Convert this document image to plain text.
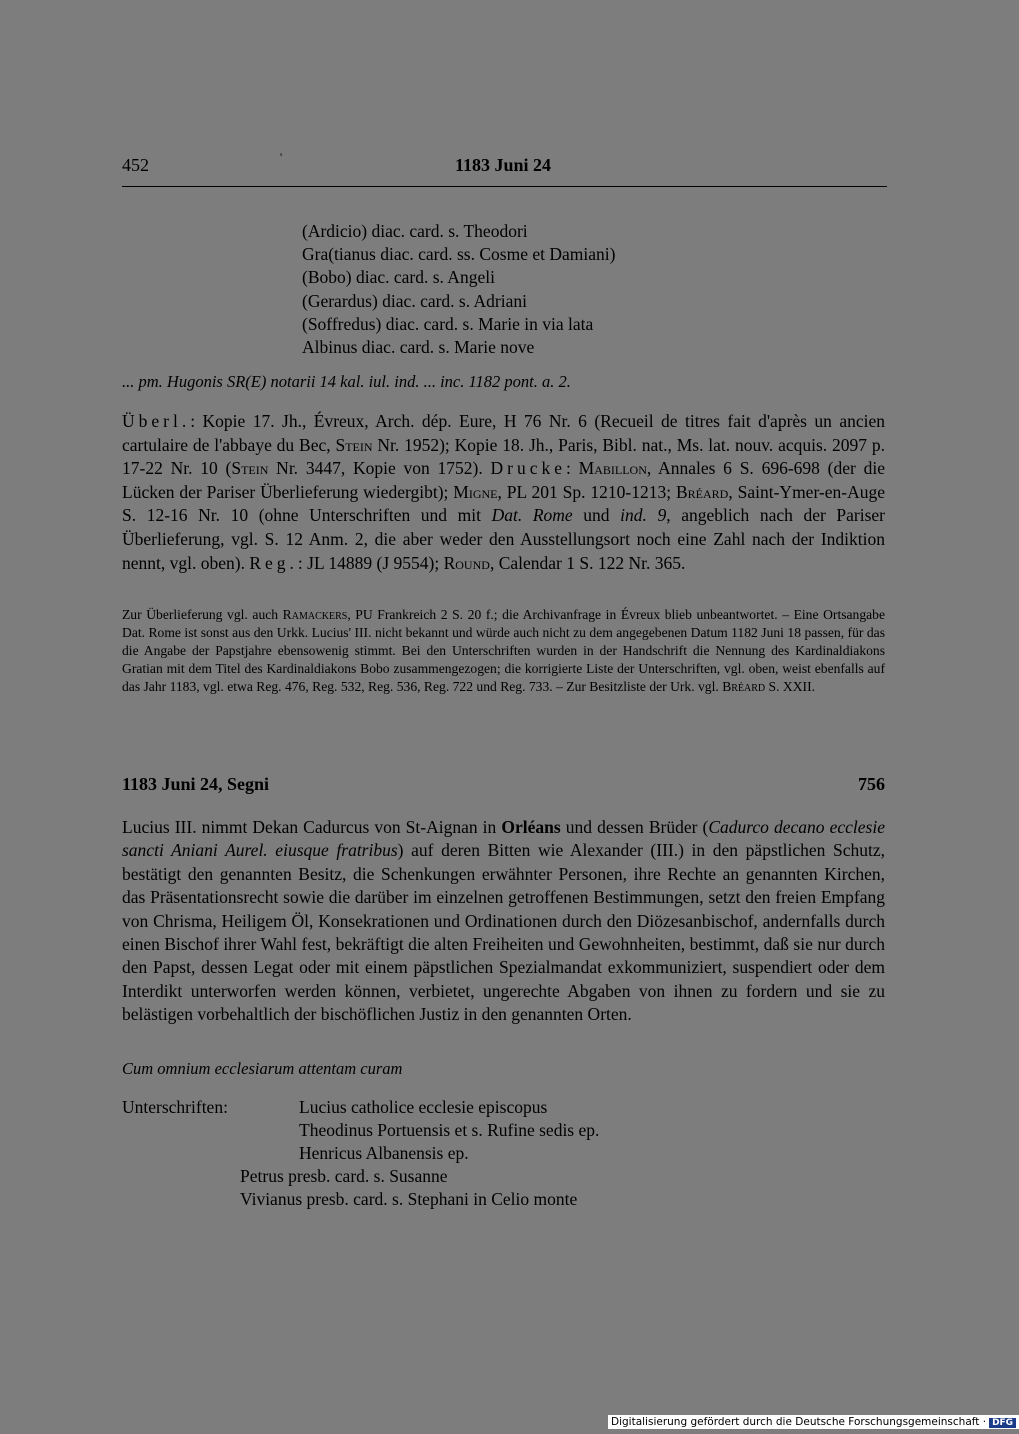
452	'	1183 Juni 24
(Ardicio) diac. card. s. Theodori
Gra(tianus diac. card. ss. Cosme et Damiani)
(Bobo) diac. card. s. Angeli
(Gerardus) diac. card. s. Adriani
(Soffredus) diac. card. s. Marie in via lata
Albinus diac. card. s. Marie nove
... pm. Hugonis SR(E) notarii 14 kal. iul. ind. ... inc. 1182 pont. a. 2.
Überl.: Kopie 17. Jh., Évreux, Arch. dép. Eure, H 76 Nr. 6 (Recueil de titres fait d'après un ancien cartulaire de l'abbaye du Bec, Stein Nr. 1952); Kopie 18. Jh., Paris, Bibl. nat., Ms. lat. nouv. acquis. 2097 p. 17-22 Nr. 10 (Stein Nr. 3447, Kopie von 1752). Drucke: Mabillon, Annales 6 S. 696-698 (der die Lücken der Pariser Überlieferung wiedergibt); Migne, PL 201 Sp. 1210-1213; Bréard, Saint-Ymer-en-Auge S. 12-16 Nr. 10 (ohne Unterschriften und mit Dat. Rome und ind. 9, angeblich nach der Pariser Überlieferung, vgl. S. 12 Anm. 2, die aber weder den Ausstellungsort noch eine Zahl nach der Indiktion nennt, vgl. oben). Reg.: JL 14889 (J 9554); Round, Calendar 1 S. 122 Nr. 365.
Zur Überlieferung vgl. auch Ramackers, PU Frankreich 2 S. 20 f.; die Archivanfrage in Évreux blieb unbeantwortet. – Eine Ortsangabe Dat. Rome ist sonst aus den Urkk. Lucius' III. nicht bekannt und würde auch nicht zu dem angegebenen Datum 1182 Juni 18 passen, für das die Angabe der Papstjahre ebensowenig stimmt. Bei den Unterschriften wurden in der Handschrift die Nennung des Kardinaldiakons Gratian mit dem Titel des Kardinaldiakons Bobo zusammengezogen; die korrigierte Liste der Unterschriften, vgl. oben, weist ebenfalls auf das Jahr 1183, vgl. etwa Reg. 476, Reg. 532, Reg. 536, Reg. 722 und Reg. 733. – Zur Besitzliste der Urk. vgl. Bréard S. XXII.
1183 Juni 24, Segni	756
Lucius III. nimmt Dekan Cadurcus von St-Aignan in Orléans und dessen Brüder (Cadurco decano ecclesie sancti Aniani Aurel. eiusque fratribus) auf deren Bitten wie Alexander (III.) in den päpstlichen Schutz, bestätigt den genannten Besitz, die Schenkungen erwähnter Personen, ihre Rechte an genannten Kirchen, das Präsentationsrecht sowie die darüber im einzelnen getroffenen Bestimmungen, setzt den freien Empfang von Chrisma, Heiligem Öl, Konsekrationen und Ordinationen durch den Diözesanbischof, andernfalls durch einen Bischof ihrer Wahl fest, bekräftigt die alten Freiheiten und Gewohnheiten, bestimmt, daß sie nur durch den Papst, dessen Legat oder mit einem päpstlichen Spezialmandat exkommuniziert, suspendiert oder dem Interdikt unterworfen werden können, verbietet, ungerechte Abgaben von ihnen zu fordern und sie zu belästigen vorbehaltlich der bischöflichen Justiz in den genannten Orten.
Cum omnium ecclesiarum attentam curam
Unterschriften:	Lucius catholice ecclesie episcopus
Theodinus Portuensis et s. Rufine sedis ep.
Henricus Albanensis ep.
Petrus presb. card. s. Susanne
Vivianus presb. card. s. Stephani in Celio monte
Digitalisierung gefördert durch die Deutsche Forschungsgemeinschaft · DFG
